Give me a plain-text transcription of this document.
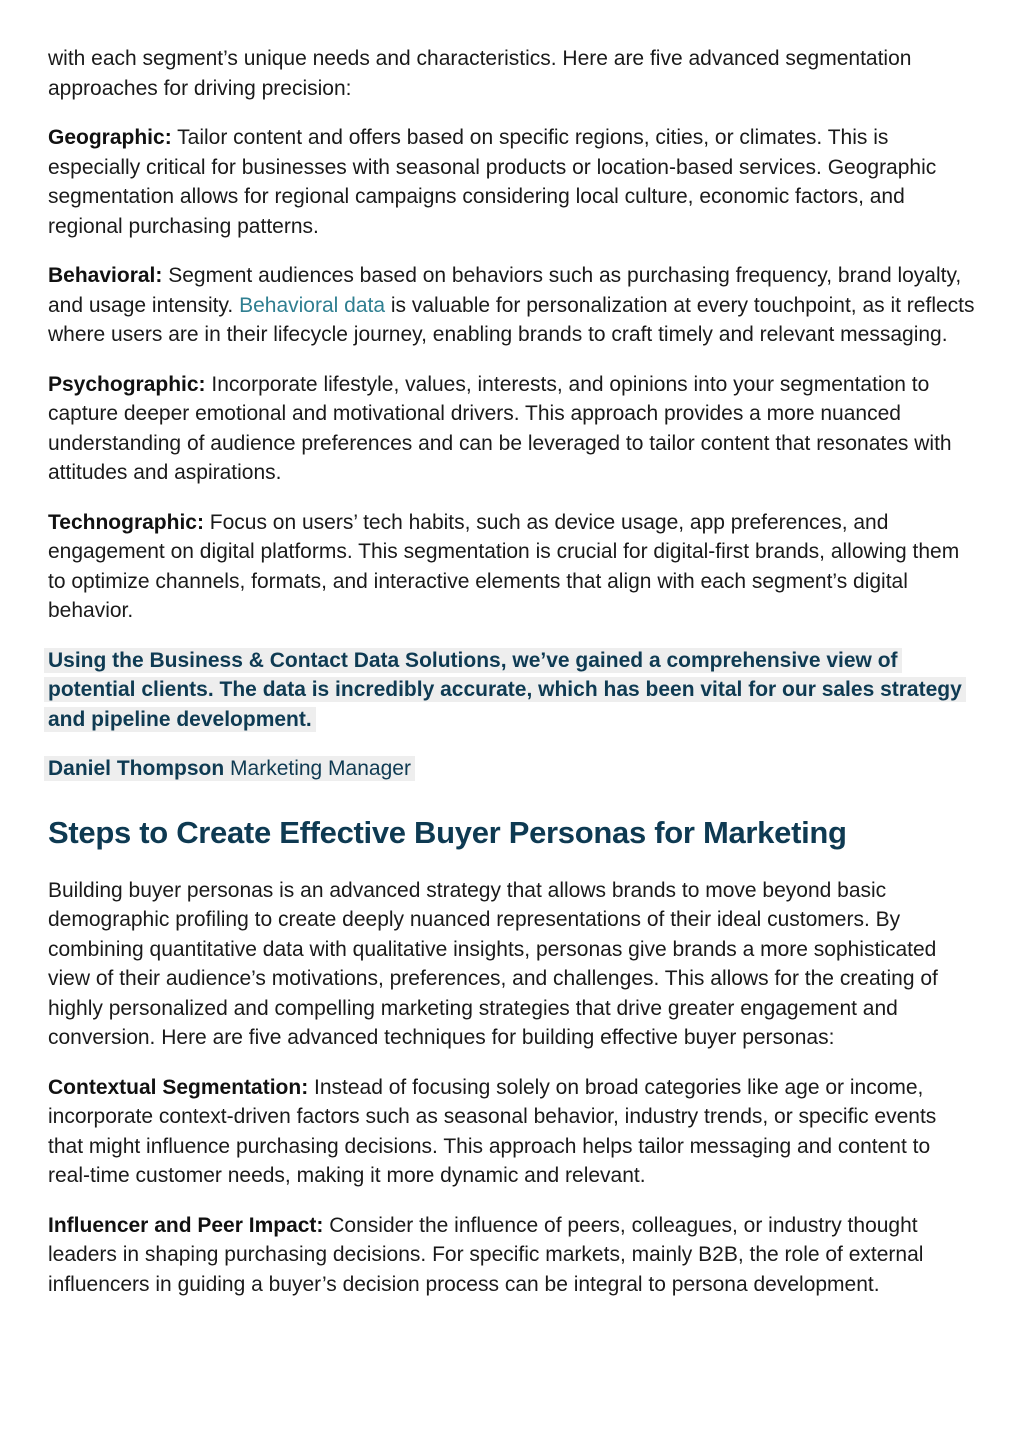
with each segment’s unique needs and characteristics. Here are five advanced segmentation approaches for driving precision:

Geographic: Tailor content and offers based on specific regions, cities, or climates. This is especially critical for businesses with seasonal products or location-based services. Geographic segmentation allows for regional campaigns considering local culture, economic factors, and regional purchasing patterns.

Behavioral: Segment audiences based on behaviors such as purchasing frequency, brand loyalty, and usage intensity. Behavioral data is valuable for personalization at every touchpoint, as it reflects where users are in their lifecycle journey, enabling brands to craft timely and relevant messaging.

Psychographic: Incorporate lifestyle, values, interests, and opinions into your segmentation to capture deeper emotional and motivational drivers. This approach provides a more nuanced understanding of audience preferences and can be leveraged to tailor content that resonates with attitudes and aspirations.

Technographic: Focus on users’ tech habits, such as device usage, app preferences, and engagement on digital platforms. This segmentation is crucial for digital-first brands, allowing them to optimize channels, formats, and interactive elements that align with each segment’s digital behavior.

Using the Business & Contact Data Solutions, we’ve gained a comprehensive view of potential clients. The data is incredibly accurate, which has been vital for our sales strategy and pipeline development.

Daniel Thompson Marketing Manager

Steps to Create Effective Buyer Personas for Marketing

Building buyer personas is an advanced strategy that allows brands to move beyond basic demographic profiling to create deeply nuanced representations of their ideal customers. By combining quantitative data with qualitative insights, personas give brands a more sophisticated view of their audience’s motivations, preferences, and challenges. This allows for the creating of highly personalized and compelling marketing strategies that drive greater engagement and conversion. Here are five advanced techniques for building effective buyer personas:

Contextual Segmentation: Instead of focusing solely on broad categories like age or income, incorporate context-driven factors such as seasonal behavior, industry trends, or specific events that might influence purchasing decisions. This approach helps tailor messaging and content to real-time customer needs, making it more dynamic and relevant.

Influencer and Peer Impact: Consider the influence of peers, colleagues, or industry thought leaders in shaping purchasing decisions. For specific markets, mainly B2B, the role of external influencers in guiding a buyer’s decision process can be integral to persona development.
